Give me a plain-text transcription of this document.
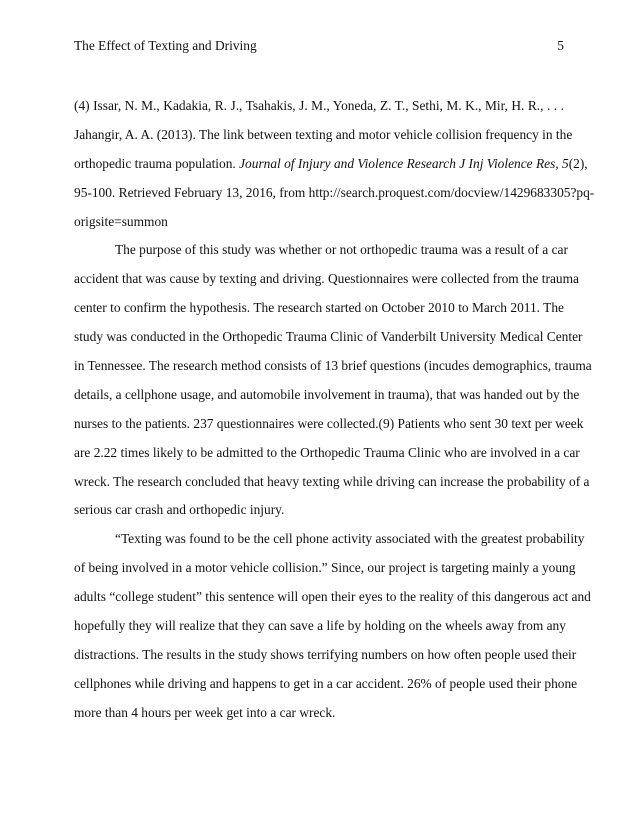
The Effect of Texting and Driving	5
(4) Issar, N. M., Kadakia, R. J., Tsahakis, J. M., Yoneda, Z. T., Sethi, M. K., Mir, H. R., . . .
Jahangir, A. A. (2013). The link between texting and motor vehicle collision frequency in the
orthopedic trauma population. Journal of Injury and Violence Research J Inj Violence Res, 5(2),
95-100. Retrieved February 13, 2016, from http://search.proquest.com/docview/1429683305?pq-
origsite=summon
The purpose of this study was whether or not orthopedic trauma was a result of a car
accident that was cause by texting and driving. Questionnaires were collected from the trauma
center to confirm the hypothesis. The research started on October 2010 to March 2011. The
study was conducted in the Orthopedic Trauma Clinic of Vanderbilt University Medical Center
in Tennessee. The research method consists of 13 brief questions (incudes demographics, trauma
details, a cellphone usage, and automobile involvement in trauma), that was handed out by the
nurses to the patients. 237 questionnaires were collected.(9) Patients who sent 30 text per week
are 2.22 times likely to be admitted to the Orthopedic Trauma Clinic who are involved in a car
wreck. The research concluded that heavy texting while driving can increase the probability of a
serious car crash and orthopedic injury.
“Texting was found to be the cell phone activity associated with the greatest probability
of being involved in a motor vehicle collision.” Since, our project is targeting mainly a young
adults “college student” this sentence will open their eyes to the reality of this dangerous act and
hopefully they will realize that they can save a life by holding on the wheels away from any
distractions. The results in the study shows terrifying numbers on how often people used their
cellphones while driving and happens to get in a car accident. 26% of people used their phone
more than 4 hours per week get into a car wreck.
